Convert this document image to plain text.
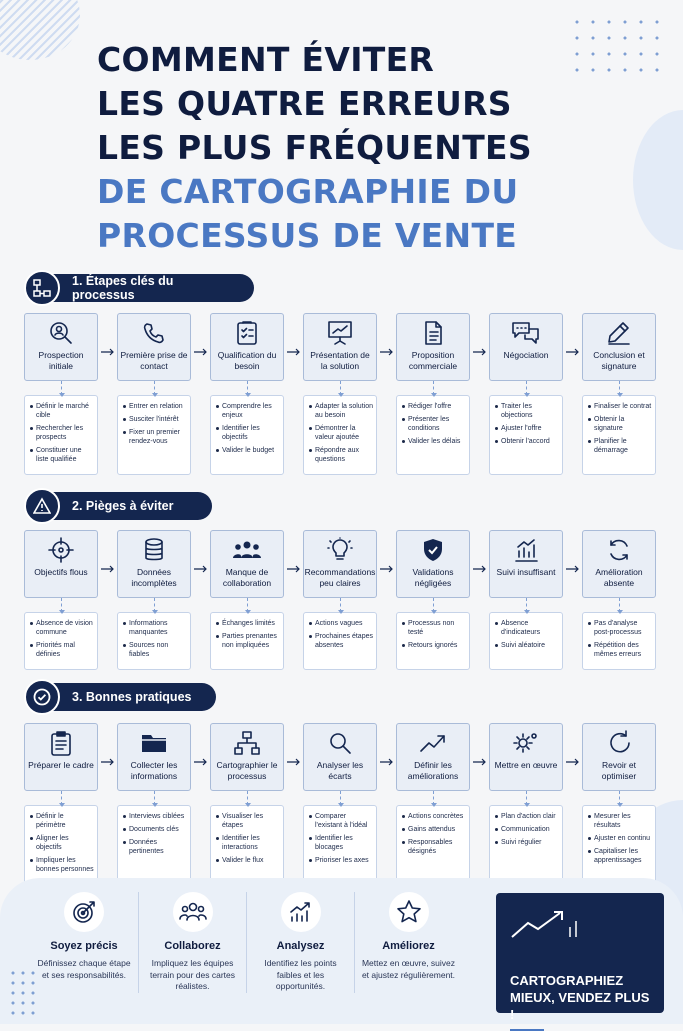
COMMENT ÉVITER
LES QUATRE ERREURS
LES PLUS FRÉQUENTES
DE CARTOGRAPHIE DU
PROCESSUS DE VENTE
1. Étapes clés du processus
Prospection initiale
Définir le marché cible
Rechercher les prospects
Constituer une liste qualifiée
Première prise de contact
Entrer en relation
Susciter l'intérêt
Fixer un premier rendez-vous
Qualification du besoin
Comprendre les enjeux
Identifier les objectifs
Valider le budget
Présentation de la solution
Adapter la solution au besoin
Démontrer la valeur ajoutée
Répondre aux questions
Proposition commerciale
Rédiger l'offre
Présenter les conditions
Valider les délais
Négociation
Traiter les objections
Ajuster l'offre
Obtenir l'accord
Conclusion et signature
Finaliser le contrat
Obtenir la signature
Planifier le démarrage
2. Pièges à éviter
Objectifs flous
Absence de vision commune
Priorités mal définies
Données incomplètes
Informations manquantes
Sources non fiables
Manque de collaboration
Échanges limités
Parties prenantes non impliquées
Recommandations peu claires
Actions vagues
Prochaines étapes absentes
Validations négligées
Processus non testé
Retours ignorés
Suivi insuffisant
Absence d'indicateurs
Suivi aléatoire
Amélioration absente
Pas d'analyse post-processus
Répétition des mêmes erreurs
3. Bonnes pratiques
Préparer le cadre
Définir le périmètre
Aligner les objectifs
Impliquer les bonnes personnes
Collecter les informations
Interviews ciblées
Documents clés
Données pertinentes
Cartographier le processus
Visualiser les étapes
Identifier les interactions
Valider le flux
Analyser les écarts
Comparer l'existant à l'idéal
Identifier les blocages
Prioriser les axes
Définir les améliorations
Actions concrètes
Gains attendus
Responsables désignés
Mettre en œuvre
Plan d'action clair
Communication
Suivi régulier
Revoir et optimiser
Mesurer les résultats
Ajuster en continu
Capitaliser les apprentissages
Soyez précis
Définissez chaque étape et ses responsabilités.
Collaborez
Impliquez les équipes terrain pour des cartes réalistes.
Analysez
Identifiez les points faibles et les opportunités.
Améliorez
Mettez en œuvre, suivez et ajustez régulièrement.	CARTOGRAPHIEZ MIEUX, VENDEZ PLUS !
